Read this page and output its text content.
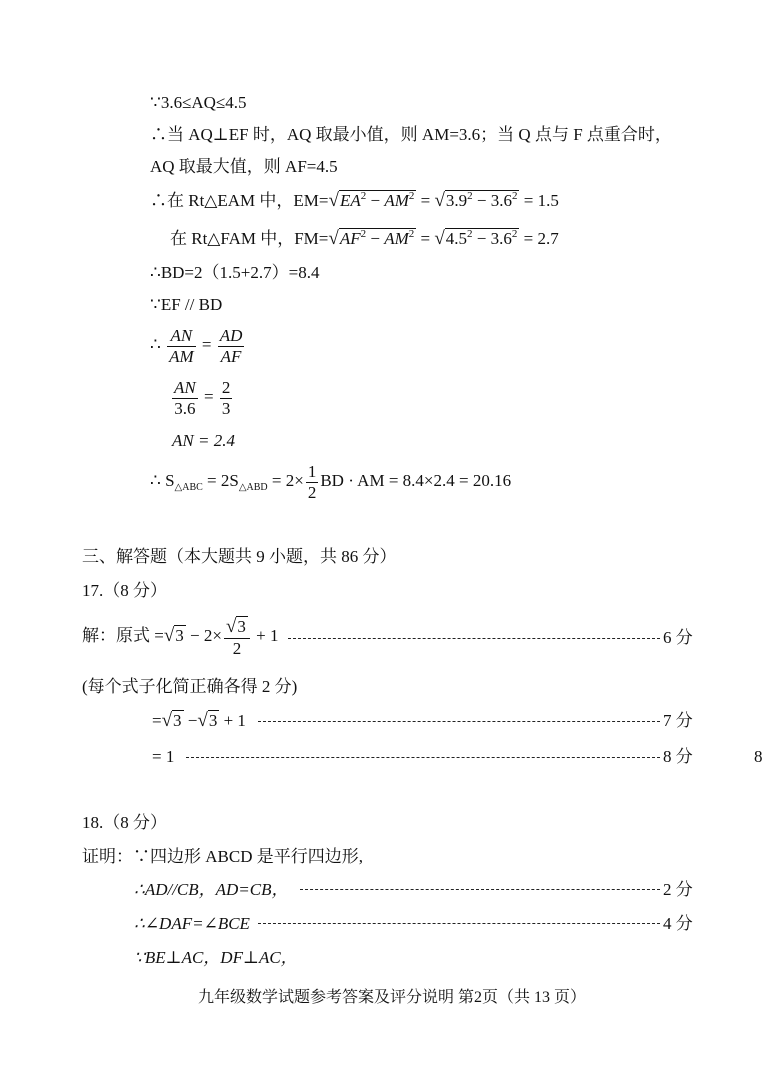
∵3.6≤AQ≤4.5
∴当 AQ⊥EF 时，AQ 取最小值，则 AM=3.6；当 Q 点与 F 点重合时，
AQ 取最大值，则 AF=4.5
∴在 Rt△EAM 中，$EM=√EA^2 - AM^2 = √3.9^2 - 3.6^2 = 1.5$
在 Rt△FAM 中，$FM=√AF^2 - AM^2 = √4.5^2 - 3.6^2 = 2.7$
∴BD=2（1.5+2.7）=8.4
∵EF // BD
∴ $\frac{AN}{AM} = \frac{AD}{AF}$
$\frac{AN}{3.6} = \frac{2}{3}$
AN = 2.4
∴ $S_{\triangle ABC} = 2S_{\triangle ABD} = 2\times \frac{1}{2}$ BD · AM = 8.4×2.4 = 20.16
三、解答题（本大题共 9 小题，共 86 分）
17.（8 分）
解：原式 $=√3 - 2\times \frac{√3}{2} + 1$	6 分
(每个式子化简正确各得 2 分)
=√3 −√3 + 1	7 分
= 1	8 分	8
18.（8 分）
证明：∵四边形 ABCD 是平行四边形,
∴AD//CB，AD=CB，	2 分
∴∠DAF=∠BCE	4 分
∵BE⊥AC，DF⊥AC，
九年级数学试题参考答案及评分说明 第2页（共 13 页）
